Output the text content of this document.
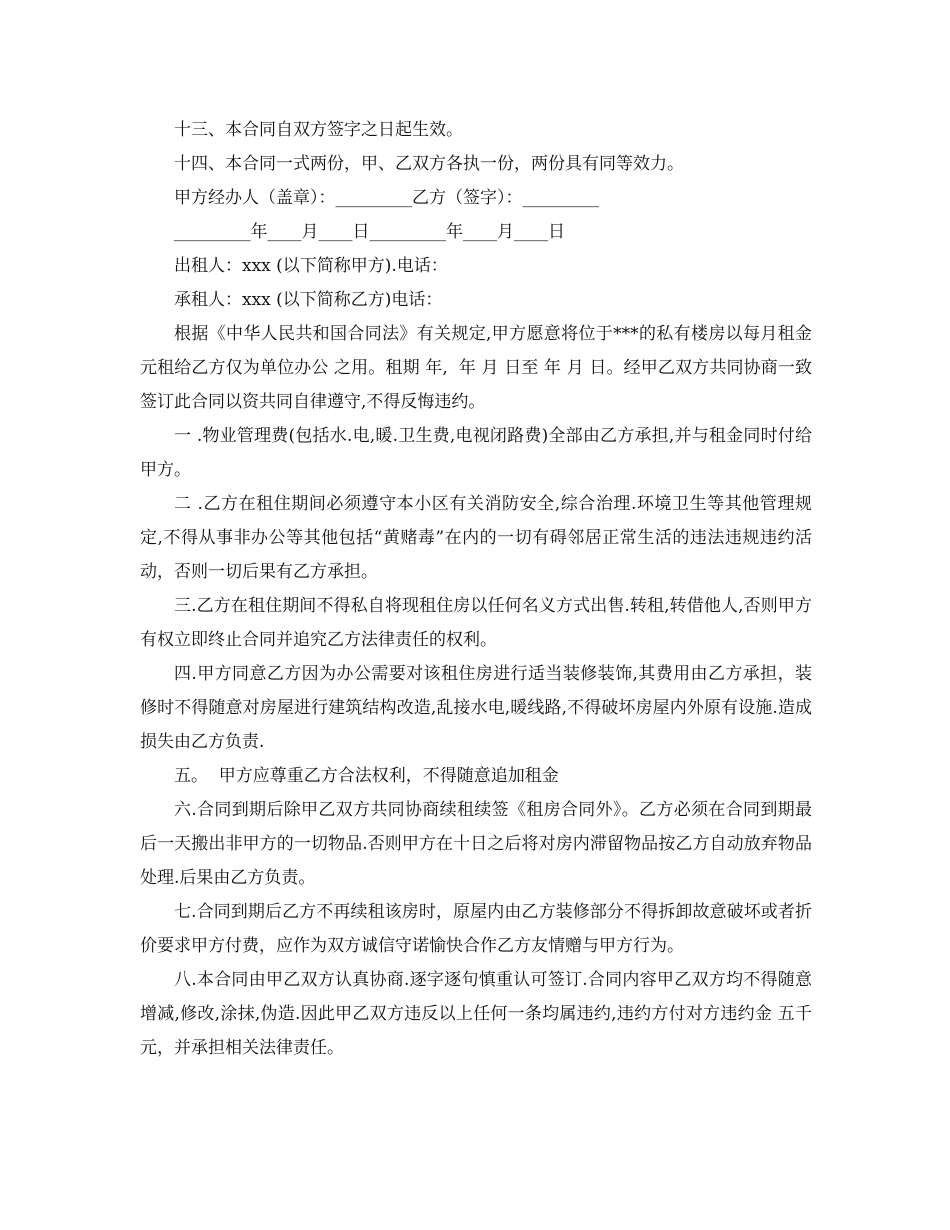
十三、本合同自双方签字之日起生效。

十四、本合同一式两份，甲、乙双方各执一份，两份具有同等效力。

甲方经办人（盖章）：_________乙方（签字）：_________

_________年____月____日_________年____月____日

出租人：xxx (以下简称甲方).电话：

承租人：xxx (以下简称乙方)电话：

根据《中华人民共和国合同法》有关规定,甲方愿意将位于***的私有楼房以每月租金  元租给乙方仅为单位办公 之用。租期 年,  年 月 日至 年 月 日。经甲乙双方共同协商一致签订此合同以资共同自律遵守,不得反悔违约。

一 .物业管理费(包括水.电,暖.卫生费,电视闭路费)全部由乙方承担,并与租金同时付给甲方。

二 .乙方在租住期间必须遵守本小区有关消防安全,综合治理.环境卫生等其他管理规定,不得从事非办公等其他包括“黄赌毒”在内的一切有碍邻居正常生活的违法违规违约活动，否则一切后果有乙方承担。

三.乙方在租住期间不得私自将现租住房以任何名义方式出售.转租,转借他人,否则甲方有权立即终止合同并追究乙方法律责任的权利。

四.甲方同意乙方因为办公需要对该租住房进行适当装修装饰,其费用由乙方承担，装修时不得随意对房屋进行建筑结构改造,乱接水电,暖线路,不得破坏房屋内外原有设施.造成损失由乙方负责.

五。  甲方应尊重乙方合法权利，不得随意追加租金

六.合同到期后除甲乙双方共同协商续租续签《租房合同外》。乙方必须在合同到期最后一天搬出非甲方的一切物品.否则甲方在十日之后将对房内滞留物品按乙方自动放弃物品处理.后果由乙方负责。

七.合同到期后乙方不再续租该房时，原屋内由乙方装修部分不得拆卸故意破坏或者折价要求甲方付费，应作为双方诚信守诺愉快合作乙方友情赠与甲方行为。

八.本合同由甲乙双方认真协商.逐字逐句慎重认可签订.合同内容甲乙双方均不得随意增减,修改,涂抹,伪造.因此甲乙双方违反以上任何一条均属违约,违约方付对方违约金 五千元，并承担相关法律责任。
